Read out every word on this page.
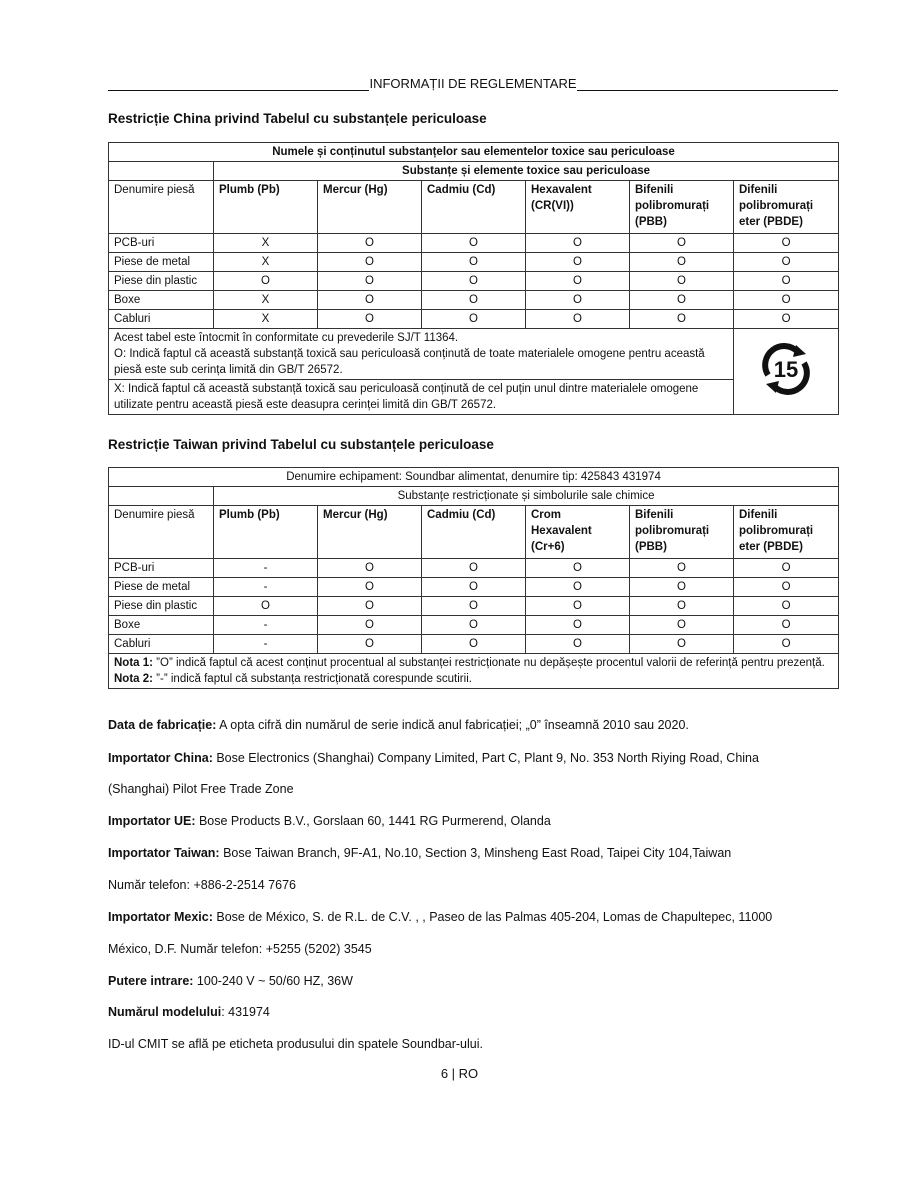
INFORMAȚII DE REGLEMENTARE
Restricție China privind Tabelul cu substanțele periculoase
Numele și conținutul substanțelor sau elementelor toxice sau periculoase						
	Substanțe și elemente toxice sau periculoase					
Denumire piesă	Plumb (Pb)	Mercur (Hg)	Cadmiu (Cd)	Hexavalent (CR(VI))	Bifenili polibromurați (PBB)	Difenili polibromurați eter (PBDE)
PCB-uri	X	O	O	O	O	O
Piese de metal	X	O	O	O	O	O
Piese din plastic	O	O	O	O	O	O
Boxe	X	O	O	O	O	O
Cabluri	X	O	O	O	O	O

Acest tabel este întocmit în conformitate cu prevederile SJ/T 11364.
O: Indică faptul că această substanță toxică sau periculoasă conținută de toate materialele omogene pentru această piesă este sub cerința limită din GB/T 26572.						15

X: Indică faptul că această substanță toxică sau periculoasă conținută de cel puțin unul dintre materialele omogene utilizate pentru această piesă este deasupra cerinței limită din GB/T 26572.						
Restricție Taiwan privind Tabelul cu substanțele periculoase
Denumire echipament: Soundbar alimentat, denumire tip: 425843 431974						
	Substanțe restricționate și simbolurile sale chimice					
Denumire piesă	Plumb (Pb)	Mercur (Hg)	Cadmiu (Cd)	Crom Hexavalent (Cr+6)	Bifenili polibromurați (PBB)	Difenili polibromurați eter (PBDE)
PCB-uri	-	O	O	O	O	O
Piese de metal	-	O	O	O	O	O
Piese din plastic	O	O	O	O	O	O
Boxe	-	O	O	O	O	O
Cabluri	-	O	O	O	O	O

Nota 1: ”O” indică faptul că acest conținut procentual al substanței restricționate nu depășește procentul valorii de referință pentru prezență.
Nota 2: ”-” indică faptul că substanța restricționată corespunde scutirii.						
Data de fabricație: A opta cifră din numărul de serie indică anul fabricației; „0” înseamnă 2010 sau 2020.
Importator China: Bose Electronics (Shanghai) Company Limited, Part C, Plant 9, No. 353 North Riying Road, China
(Shanghai) Pilot Free Trade Zone
Importator UE: Bose Products B.V., Gorslaan 60, 1441 RG Purmerend, Olanda
Importator Taiwan: Bose Taiwan Branch, 9F-A1, No.10, Section 3, Minsheng East Road, Taipei City 104,Taiwan
Număr telefon: +886-2-2514 7676
Importator Mexic: Bose de México, S. de R.L. de C.V. , , Paseo de las Palmas 405-204, Lomas de Chapultepec, 11000
México, D.F. Număr telefon: +5255 (5202) 3545
Putere intrare: 100-240 V ~ 50/60 HZ, 36W
Numărul modelului: 431974
ID-ul CMIT se află pe eticheta produsului din spatele Soundbar-ului.
6 | RO
